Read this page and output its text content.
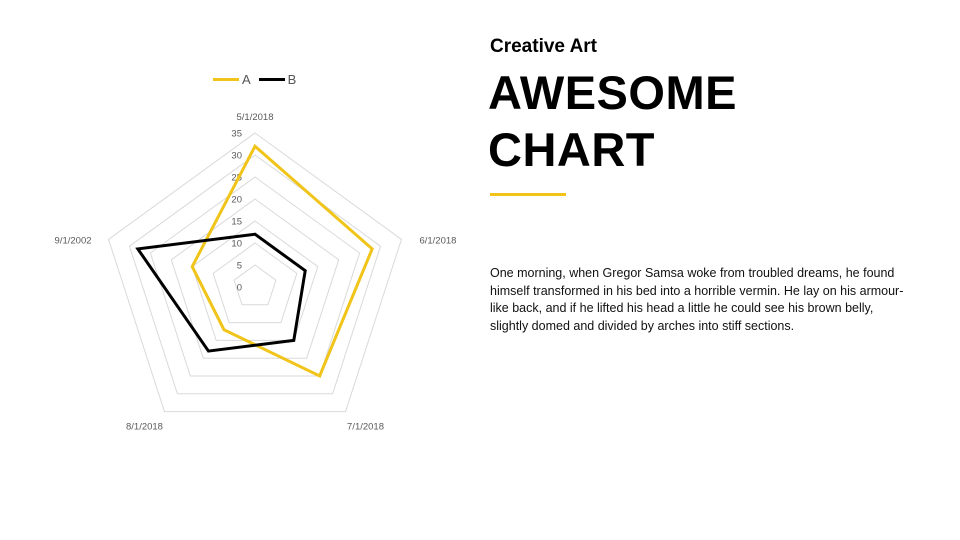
0
5
10
15
20
25
30
35
5/1/2018
6/1/2018
7/1/2018
8/1/2018
9/1/2002
A	B
Creative Art
AWESOME
CHART
One morning, when Gregor Samsa woke from troubled dreams, he found himself transformed in his bed into a horrible vermin. He lay on his armour-like back, and if he lifted his head a little he could see his brown belly, slightly domed and divided by arches into stiff sections.
